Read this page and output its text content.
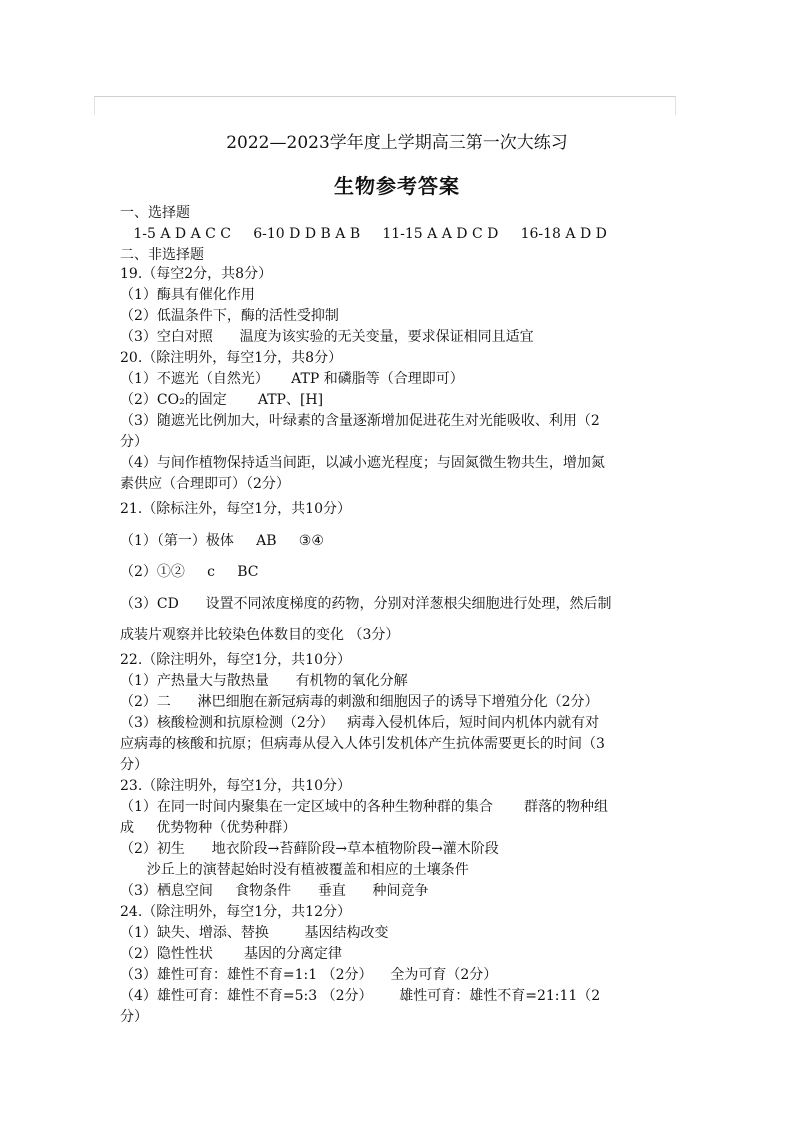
2022—2023学年度上学期高三第一次大练习
生物参考答案
一、选择题
1-5 A D A C C     6-10 D D B A B     11-15 A A D C D     16-18 A D D
二、非选择题
19.（每空2分，共8分）
（1）酶具有催化作用
（2）低温条件下，酶的活性受抑制
（3）空白对照      温度为该实验的无关变量，要求保证相同且适宜
20.（除注明外，每空1分，共8分）
（1）不遮光（自然光）     ATP 和磷脂等（合理即可）
（2）CO₂的固定       ATP、[H]
（3）随遮光比例加大，叶绿素的含量逐渐增加促进花生对光能吸收、利用（2
分）
（4）与间作植物保持适当间距，以减小遮光程度；与固氮微生物共生，增加氮
素供应（合理即可）（2分）
21.（除标注外，每空1分，共10分）
（1）（第一）极体     AB     ③④
（2）①②     c     BC
（3）CD      设置不同浓度梯度的药物，分别对洋葱根尖细胞进行处理，然后制
成装片观察并比较染色体数目的变化 （3分）
22.（除注明外，每空1分，共10分）
（1）产热量大与散热量      有机物的氧化分解
（2）二      淋巴细胞在新冠病毒的刺激和细胞因子的诱导下增殖分化（2分）
（3）核酸检测和抗原检测（2分）   病毒入侵机体后，短时间内机体内就有对
应病毒的核酸和抗原；但病毒从侵入人体引发机体产生抗体需要更长的时间（3
分）
23.（除注明外，每空1分，共10分）
（1）在同一时间内聚集在一定区域中的各种生物种群的集合       群落的物种组
成     优势物种（优势种群）
（2）初生      地衣阶段→苔藓阶段→草本植物阶段→灌木阶段
沙丘上的演替起始时没有植被覆盖和相应的土壤条件
（3）栖息空间     食物条件      垂直      种间竞争
24.（除注明外，每空1分，共12分）
（1）缺失、增添、替换        基因结构改变
（2）隐性性状       基因的分离定律
（3）雄性可育：雄性不育=1:1 （2分）    全为可育（2分）
（4）雄性可育：雄性不育=5:3 （2分）      雄性可育：雄性不育=21:11（2
分）
